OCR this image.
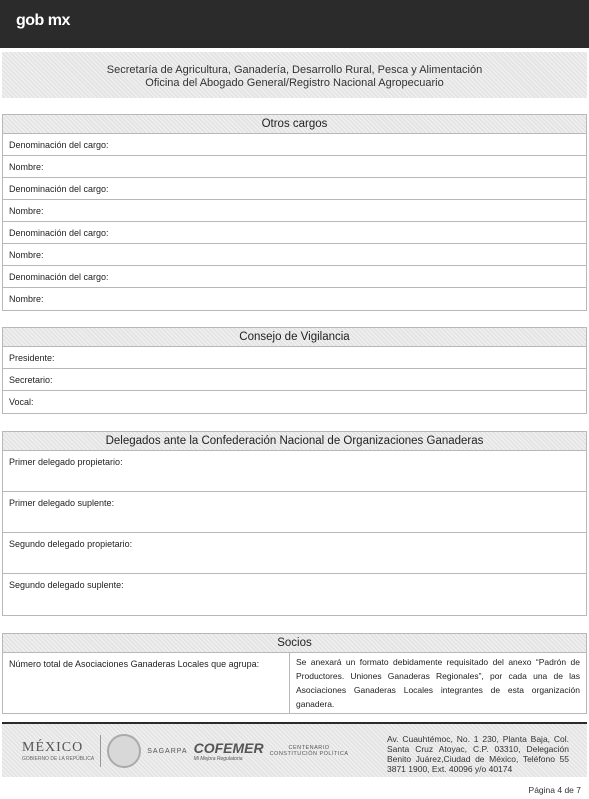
gob mx
Secretaría de Agricultura, Ganadería, Desarrollo Rural, Pesca y Alimentación
Oficina del Abogado General/Registro Nacional Agropecuario
Otros cargos
Denominación del cargo:
Nombre:
Denominación del cargo:
Nombre:
Denominación del cargo:
Nombre:
Denominación del cargo:
Nombre:
Consejo de Vigilancia
Presidente:
Secretario:
Vocal:
Delegados ante la Confederación Nacional de Organizaciones Ganaderas
Primer delegado propietario:
Primer delegado suplente:
Segundo delegado propietario:
Segundo delegado suplente:
Socios
Número total de Asociaciones Ganaderas Locales que agrupa:	Se anexará un formato debidamente requisitado del anexo “Padrón de Productores. Uniones Ganaderas Regionales”, por cada una de las Asociaciones Ganaderas Locales integrantes de esta organización ganadera.
MÉXICO
GOBIERNO DE LA REPÚBLICA
SAGARPA COFEMER
Mi Mejora Regulatoria
CENTENARIO
CONSTITUCIÓN POLÍTICA
Av. Cuauhtémoc, No. 1 230, Planta Baja, Col. Santa Cruz Atoyac, C.P. 03310, Delegación Benito Juárez,Ciudad de México, Teléfono 55 3871 1900, Ext. 40096 y/o 40174
Página 4 de 7
